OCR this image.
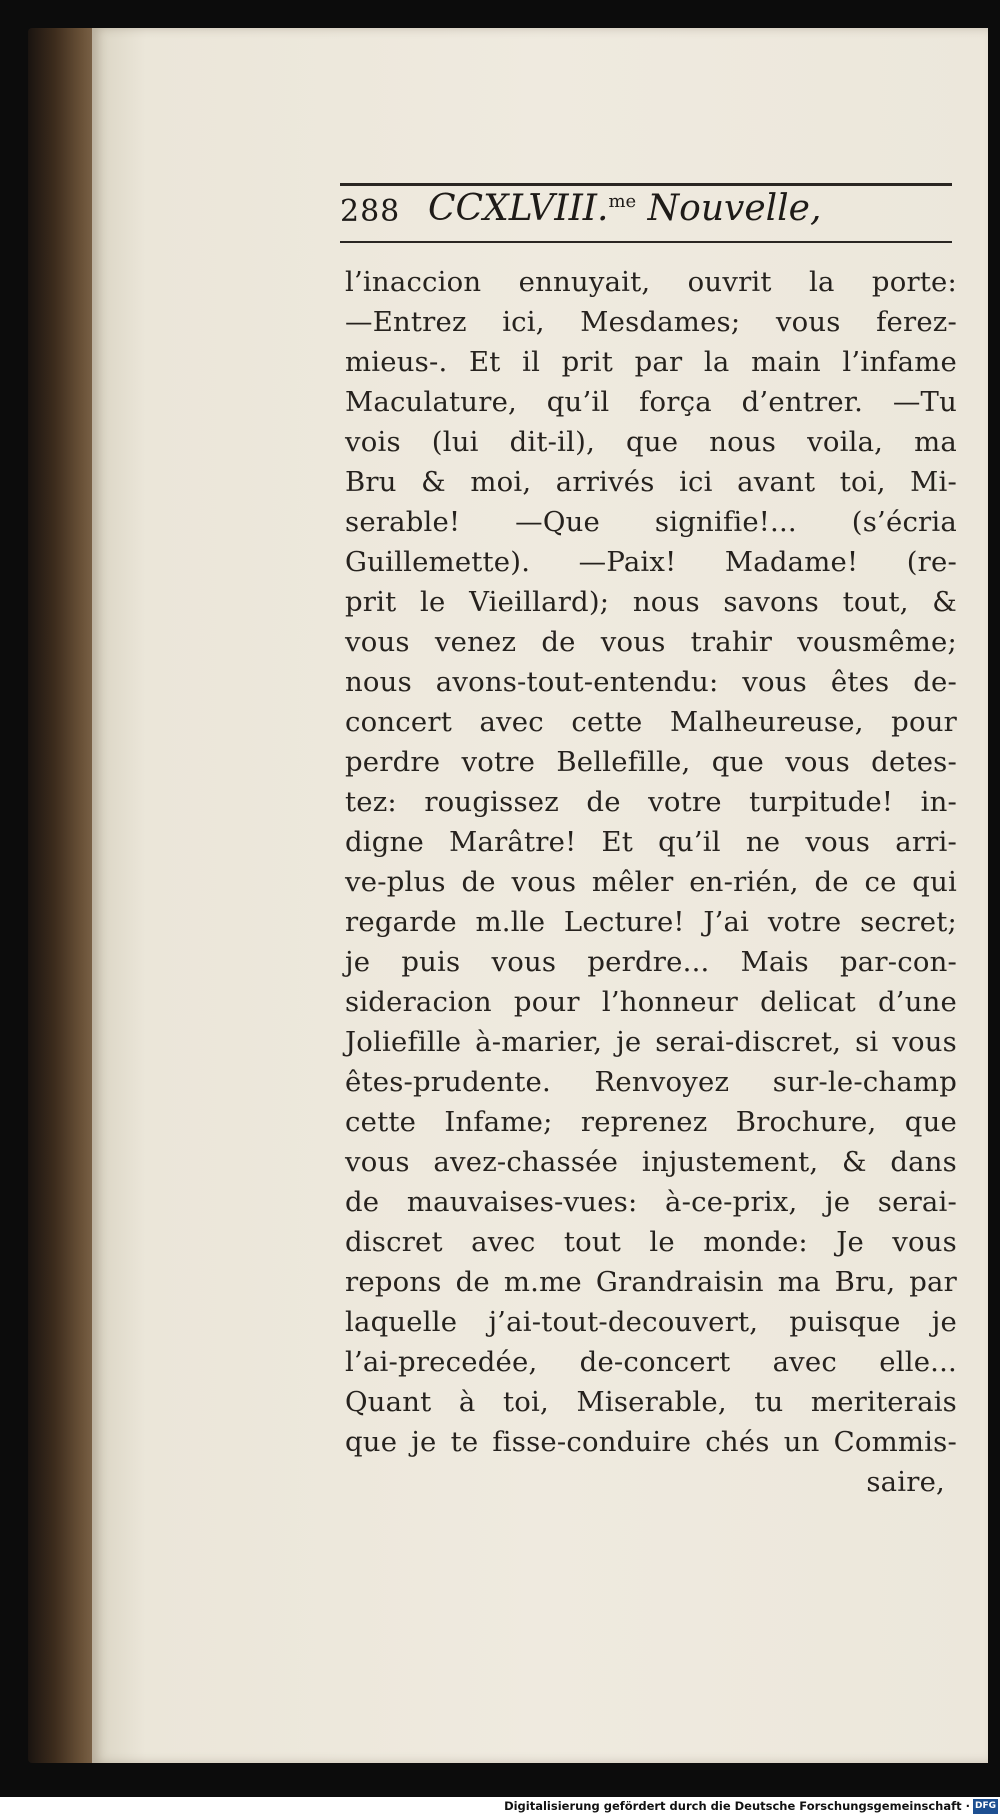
288 CCXLVIII.$^{me}$ Nouvelle,
l’inaccion ennuyait, ouvrit la porte:
—Entrez ici, Mesdames; vous ferez-
mieus-. Et il prit par la main l’infame
Maculature, qu’il força d’entrer. —Tu
vois (lui dit-il), que nous voila, ma
Bru & moi, arrivés ici avant toi, Mi-
serable! —Que signifie!... (s’écria
Guillemette). —Paix! Madame! (re-
prit le Vieillard); nous savons tout, &
vous venez de vous trahir vousmême;
nous avons-tout-entendu: vous êtes de-
concert avec cette Malheureuse, pour
perdre votre Bellefille, que vous detes-
tez: rougissez de votre turpitude! in-
digne Marâtre! Et qu’il ne vous arri-
ve-plus de vous mêler en-rién, de ce qui
regarde m.lle Lecture! J’ai votre secret;
je puis vous perdre... Mais par-con-
sideracion pour l’honneur delicat d’une
Joliefille à-marier, je serai-discret, si vous
êtes-prudente. Renvoyez sur-le-champ
cette Infame; reprenez Brochure, que
vous avez-chassée injustement, & dans
de mauvaises-vues: à-ce-prix, je serai-
discret avec tout le monde: Je vous
repons de m.me Grandraisin ma Bru, par
laquelle j’ai-tout-decouvert, puisque je
l’ai-precedée, de-concert avec elle...
Quant à toi, Miserable, tu meriterais
que je te fisse-conduire chés un Commis-
saire,
Digitalisierung gefördert durch die Deutsche Forschungsgemeinschaft · DFG
